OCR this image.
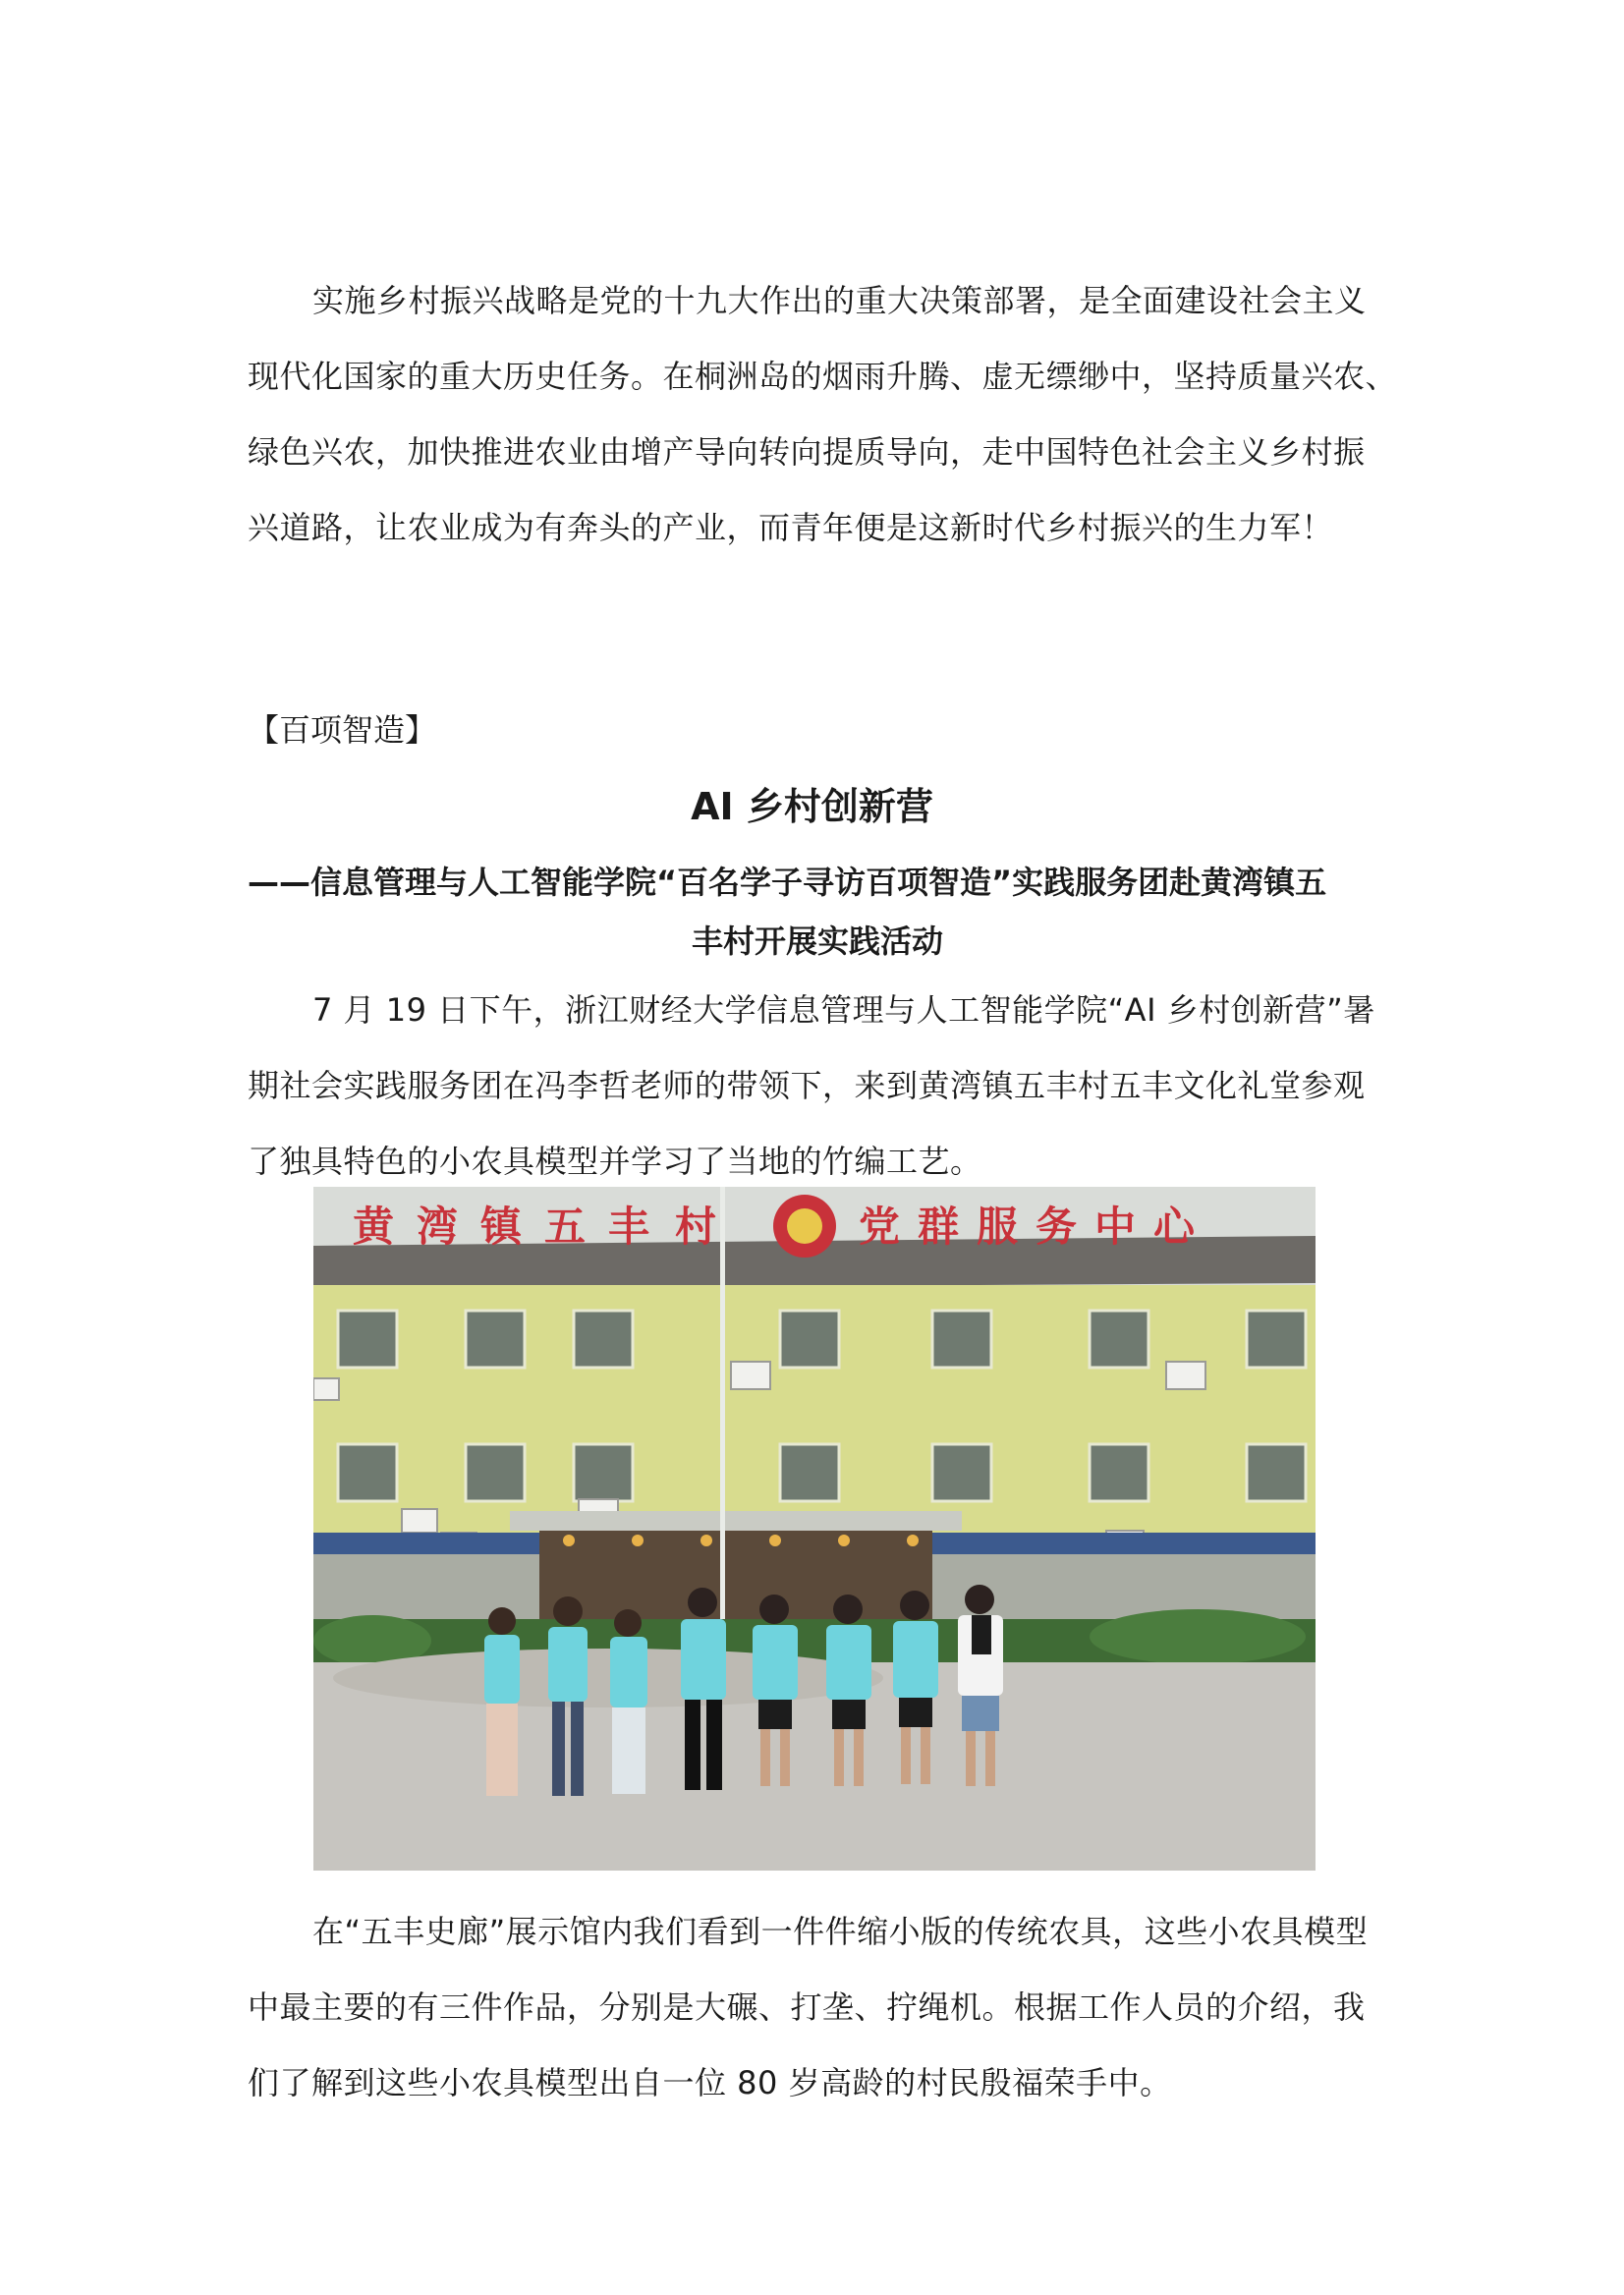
实施乡村振兴战略是党的十九大作出的重大决策部署，是全面建设社会主义
现代化国家的重大历史任务。在桐洲岛的烟雨升腾、虚无缥缈中，坚持质量兴农、
绿色兴农，加快推进农业由增产导向转向提质导向，走中国特色社会主义乡村振
兴道路，让农业成为有奔头的产业，而青年便是这新时代乡村振兴的生力军！

【百项智造】

AI 乡村创新营
——信息管理与人工智能学院“百名学子寻访百项智造”实践服务团赴黄湾镇五
丰村开展实践活动
7 月 19 日下午，浙江财经大学信息管理与人工智能学院“AI 乡村创新营”暑
期社会实践服务团在冯李哲老师的带领下，来到黄湾镇五丰村五丰文化礼堂参观
了独具特色的小农具模型并学习了当地的竹编工艺。
黄 湾 镇 五 丰 村	党 群 服 务 中 心
在“五丰史廊”展示馆内我们看到一件件缩小版的传统农具，这些小农具模型
中最主要的有三件作品，分别是大碾、打垄、拧绳机。根据工作人员的介绍，我
们了解到这些小农具模型出自一位 80 岁高龄的村民殷福荣手中。
